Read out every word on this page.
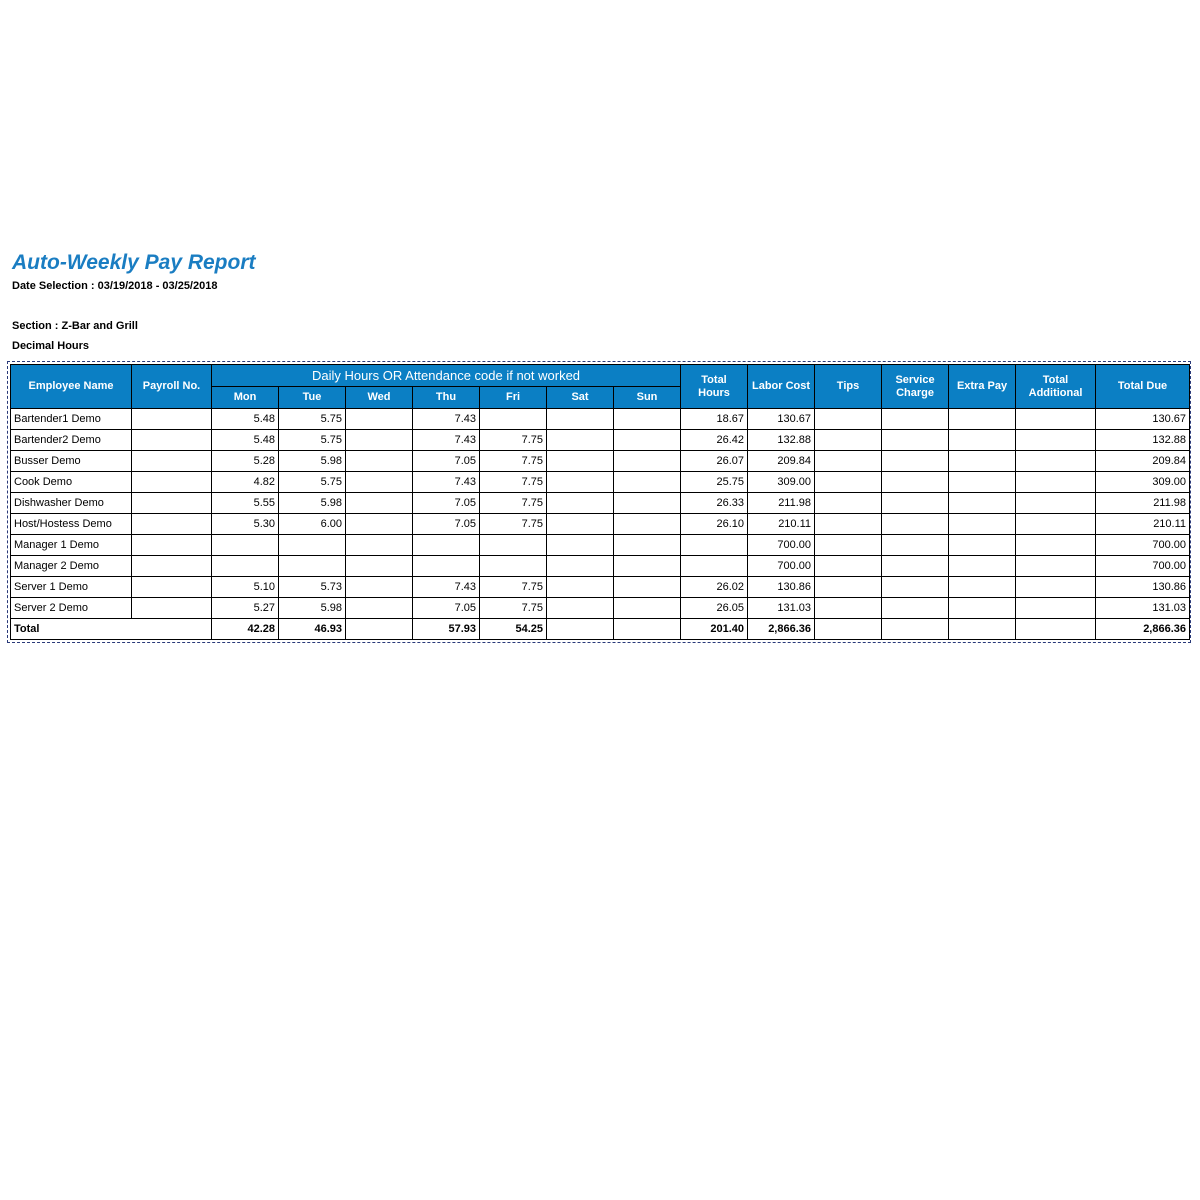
Auto-Weekly Pay Report
Date Selection : 03/19/2018 - 03/25/2018
Section : Z-Bar and Grill
Decimal Hours
Employee Name	Payroll No.	Daily Hours OR Attendance code if not worked							Total Hours	Labor Cost	Tips	Service Charge	Extra Pay	Total Additional	Total Due
		Mon	Tue	Wed	Thu	Fri	Sat	Sun							
Bartender1 Demo		5.48	5.75		7.43				18.67	130.67					130.67
Bartender2 Demo		5.48	5.75		7.43	7.75			26.42	132.88					132.88
Busser Demo		5.28	5.98		7.05	7.75			26.07	209.84					209.84
Cook Demo		4.82	5.75		7.43	7.75			25.75	309.00					309.00
Dishwasher Demo		5.55	5.98		7.05	7.75			26.33	211.98					211.98
Host/Hostess Demo		5.30	6.00		7.05	7.75			26.10	210.11					210.11
Manager 1 Demo										700.00					700.00
Manager 2 Demo										700.00					700.00
Server 1 Demo		5.10	5.73		7.43	7.75			26.02	130.86					130.86
Server 2 Demo		5.27	5.98		7.05	7.75			26.05	131.03					131.03
Total		42.28	46.93		57.93	54.25			201.40	2,866.36					2,866.36
